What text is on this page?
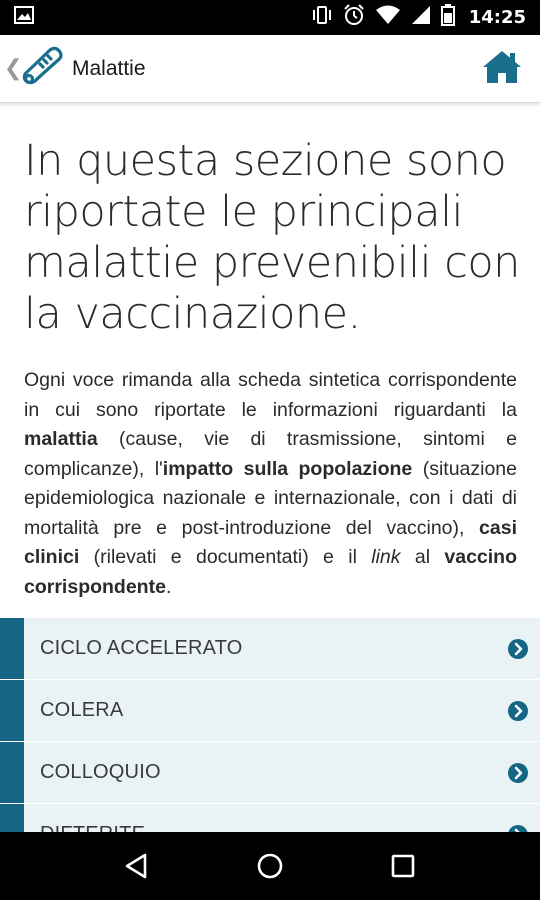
14:25
❮ Malattie
In questa sezione sono riportate le principali malattie prevenibili con la vaccinazione.

Ogni voce rimanda alla scheda sintetica corrispondente in cui sono riportate le informazioni riguardanti la malattia (cause, vie di trasmissione, sintomi e complicanze), l'impatto sulla popolazione (situazione epidemiologica nazionale e internazionale, con i dati di mortalità pre e post-introduzione del vaccino), casi clinici (rilevati e documentati) e il link al vaccino corrispondente.

CICLO ACCELERATO
COLERA
COLLOQUIO
